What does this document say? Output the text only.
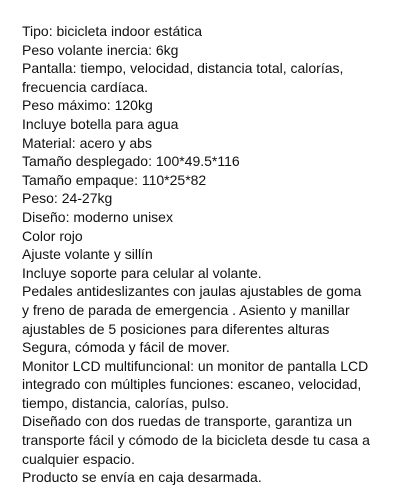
Tipo: bicicleta indoor estática
Peso volante inercia: 6kg
Pantalla: tiempo, velocidad, distancia total, calorías,
frecuencia cardíaca.
Peso máximo: 120kg
Incluye botella para agua
Material: acero y abs
Tamaño desplegado: 100*49.5*116
Tamaño empaque: 110*25*82
Peso: 24-27kg
Diseño: moderno unisex
Color rojo
Ajuste volante y sillín
Incluye soporte para celular al volante.
Pedales antideslizantes con jaulas ajustables de goma
y freno de parada de emergencia . Asiento y manillar
ajustables de 5 posiciones para diferentes alturas
Segura, cómoda y fácil de mover.
Monitor LCD multifuncional: un monitor de pantalla LCD
integrado con múltiples funciones: escaneo, velocidad,
tiempo, distancia, calorías, pulso.
Diseñado con dos ruedas de transporte, garantiza un
transporte fácil y cómodo de la bicicleta desde tu casa a
cualquier espacio.
Producto se envía en caja desarmada.
